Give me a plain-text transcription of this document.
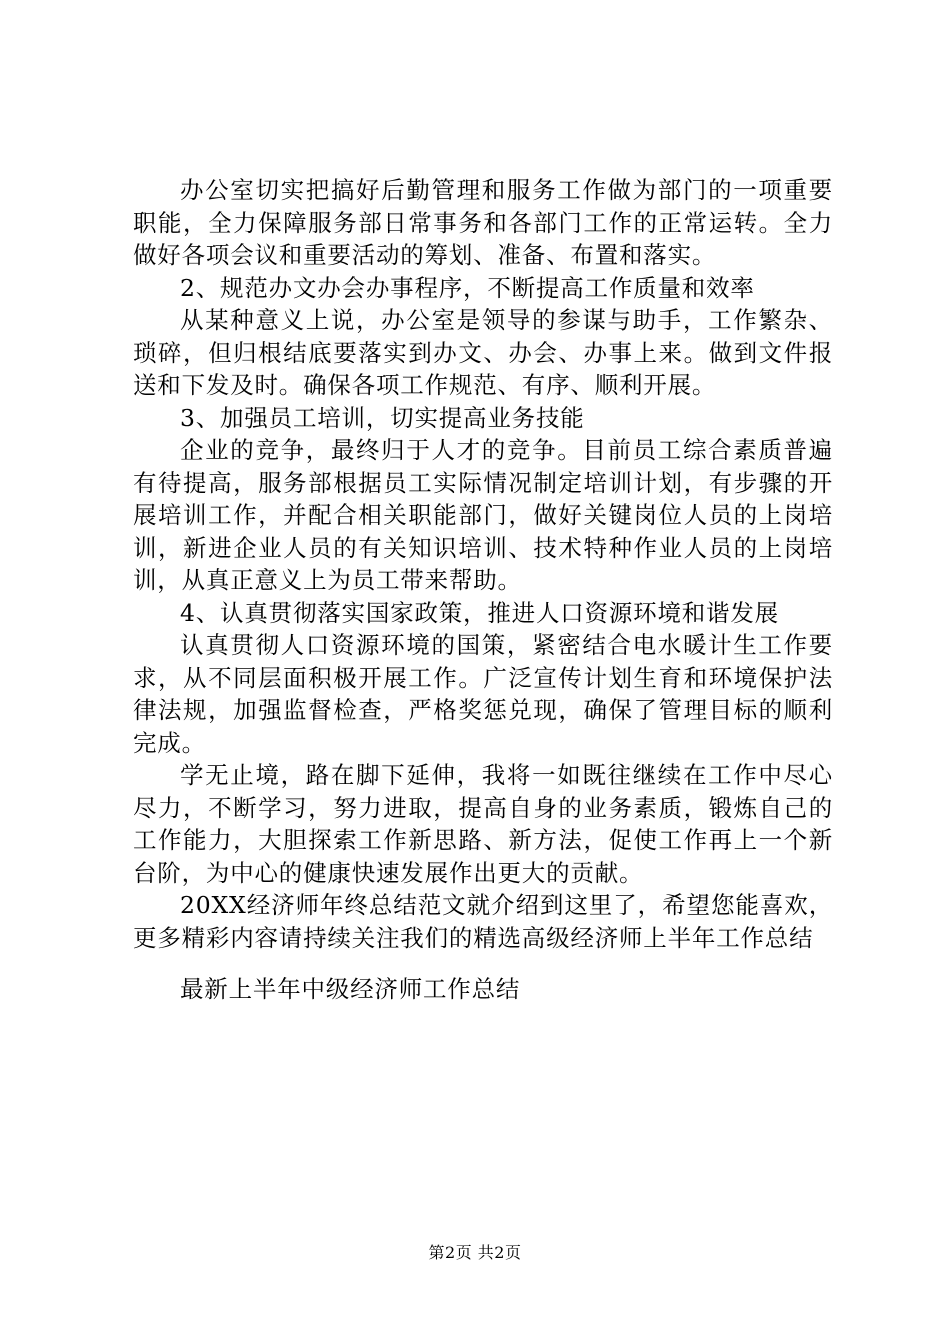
办公室切实把搞好后勤管理和服务工作做为部门的一项重要职能，全力保障服务部日常事务和各部门工作的正常运转。全力做好各项会议和重要活动的筹划、准备、布置和落实。

2、规范办文办会办事程序，不断提高工作质量和效率

从某种意义上说，办公室是领导的参谋与助手，工作繁杂、琐碎，但归根结底要落实到办文、办会、办事上来。做到文件报送和下发及时。确保各项工作规范、有序、顺利开展。

3、加强员工培训，切实提高业务技能

企业的竞争，最终归于人才的竞争。目前员工综合素质普遍有待提高，服务部根据员工实际情况制定培训计划，有步骤的开展培训工作，并配合相关职能部门，做好关键岗位人员的上岗培训，新进企业人员的有关知识培训、技术特种作业人员的上岗培训，从真正意义上为员工带来帮助。

4、认真贯彻落实国家政策，推进人口资源环境和谐发展

认真贯彻人口资源环境的国策，紧密结合电水暖计生工作要求，从不同层面积极开展工作。广泛宣传计划生育和环境保护法律法规，加强监督检查，严格奖惩兑现，确保了管理目标的顺利完成。

学无止境，路在脚下延伸，我将一如既往继续在工作中尽心尽力，不断学习，努力进取，提高自身的业务素质，锻炼自己的工作能力，大胆探索工作新思路、新方法，促使工作再上一个新台阶，为中心的健康快速发展作出更大的贡献。

20XX经济师年终总结范文就介绍到这里了，希望您能喜欢，更多精彩内容请持续关注我们的精选高级经济师上半年工作总结

最新上半年中级经济师工作总结

第2页 共2页
